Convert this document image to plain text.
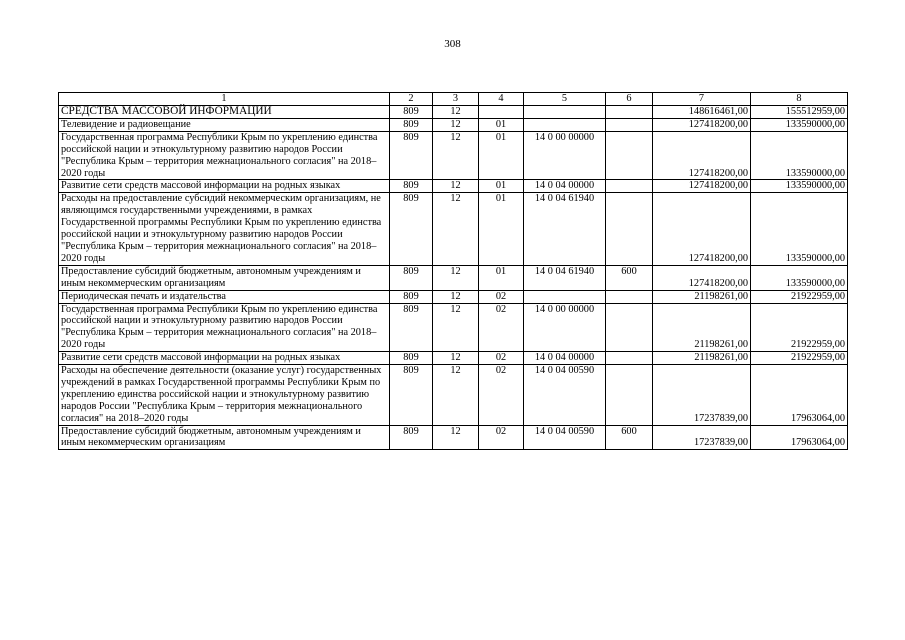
308
1	2	3	4	5	6	7	8
СРЕДСТВА МАССОВОЙ ИНФОРМАЦИИ	809	12				148616461,00	155512959,00
Телевидение и радиовещание	809	12	01			127418200,00	133590000,00
Государственная программа Республики Крым по укреплению единства российской нации и этнокультурному развитию народов России "Республика Крым – территория межнационального согласия" на 2018–2020 годы	809	12	01	14 0 00 00000		127418200,00	133590000,00
Развитие сети средств массовой информации на родных языках	809	12	01	14 0 04 00000		127418200,00	133590000,00
Расходы на предоставление субсидий некоммерческим организациям, не являющимся государственными учреждениями, в рамках Государственной программы Республики Крым по укреплению единства российской нации и этнокультурному развитию народов России "Республика Крым – территория межнационального согласия" на 2018–2020 годы	809	12	01	14 0 04 61940		127418200,00	133590000,00
Предоставление субсидий бюджетным, автономным учреждениям и иным некоммерческим организациям	809	12	01	14 0 04 61940	600	127418200,00	133590000,00
Периодическая печать и издательства	809	12	02			21198261,00	21922959,00
Государственная программа Республики Крым по укреплению единства российской нации и этнокультурному развитию народов России "Республика Крым – территория межнационального согласия" на 2018–2020 годы	809	12	02	14 0 00 00000		21198261,00	21922959,00
Развитие сети средств массовой информации на родных языках	809	12	02	14 0 04 00000		21198261,00	21922959,00
Расходы на обеспечение деятельности (оказание услуг) государственных учреждений в рамках Государственной программы Республики Крым по укреплению единства российской нации и этнокультурному развитию народов России "Республика Крым – территория межнационального согласия" на 2018–2020 годы	809	12	02	14 0 04 00590		17237839,00	17963064,00
Предоставление субсидий бюджетным, автономным учреждениям и иным некоммерческим организациям	809	12	02	14 0 04 00590	600	17237839,00	17963064,00
